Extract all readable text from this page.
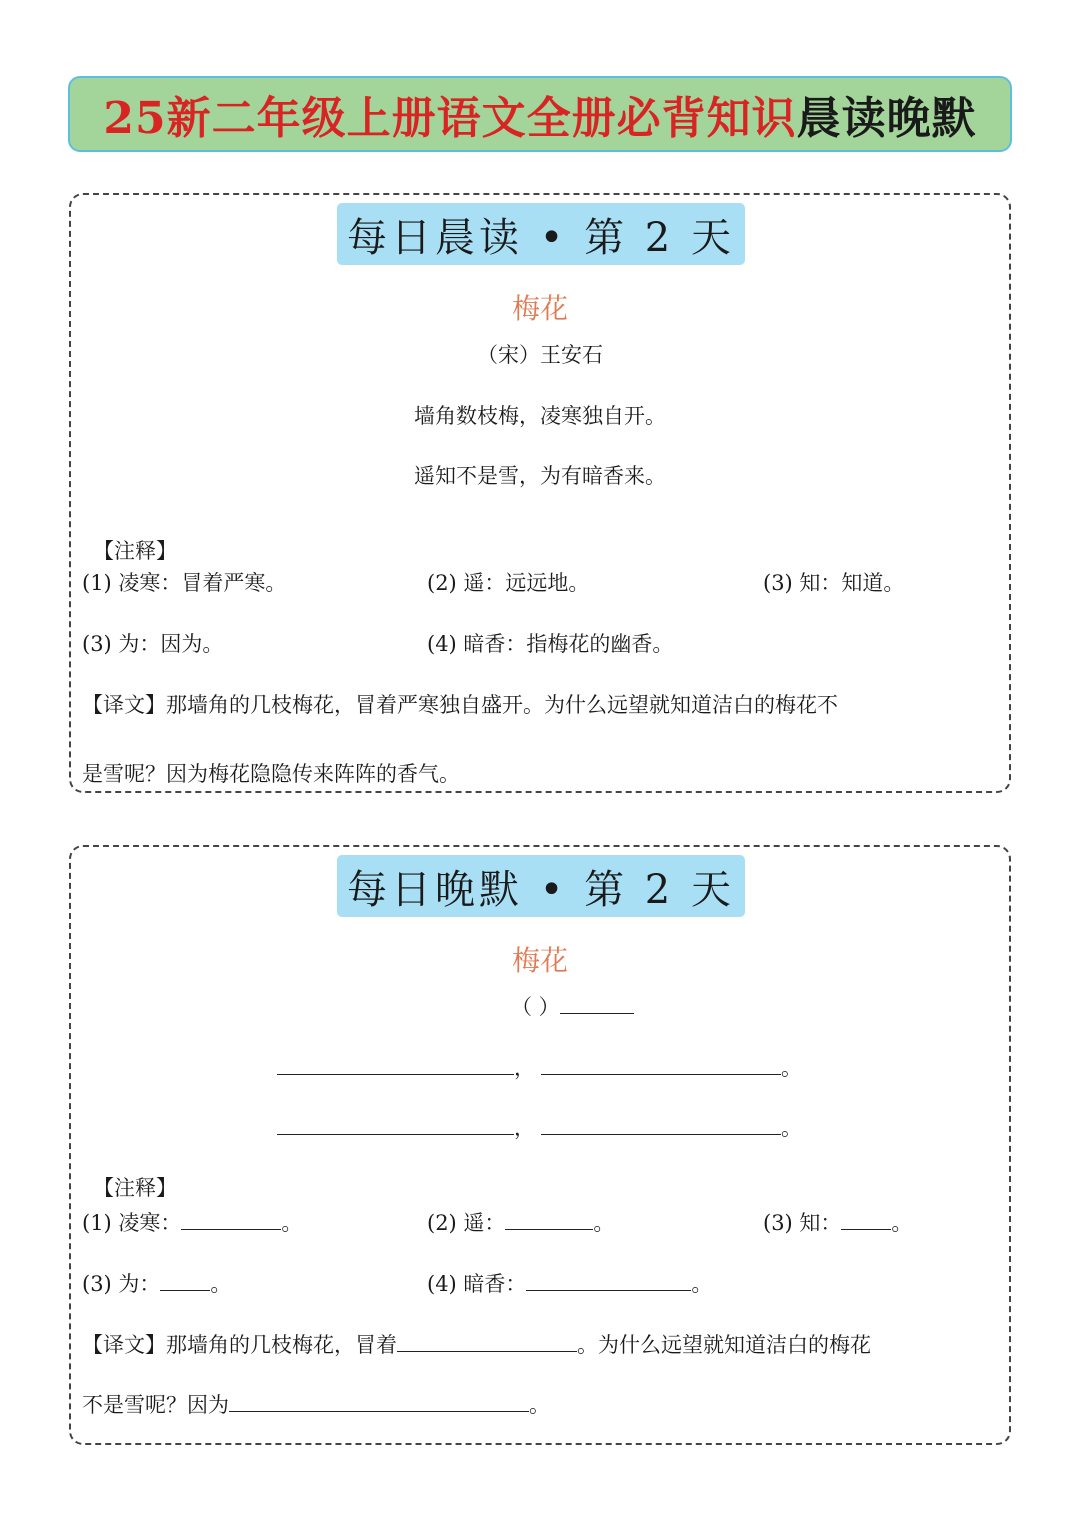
25新二年级上册语文全册必背知识 晨读晚默
每日晨读 • 第 2 天
梅花
（宋）王安石
墙角数枝梅，凌寒独自开。
遥知不是雪，为有暗香来。
【注释】
(1) 凌寒：冒着严寒。	(2) 遥：远远地。	(3) 知：知道。
(3) 为：因为。	(4) 暗香：指梅花的幽香。
【译文】那墙角的几枝梅花，冒着严寒独自盛开。为什么远望就知道洁白的梅花不
是雪呢？因为梅花隐隐传来阵阵的香气。
每日晚默 • 第 2 天
梅花
（ ）
，	。
，	。
【注释】
(1) 凌寒：	。	(2) 遥：	。	(3) 知： 。
(3) 为： 。	(4) 暗香：	。
【译文】那墙角的几枝梅花，冒着	。为什么远望就知道洁白的梅花
不是雪呢？因为	。
